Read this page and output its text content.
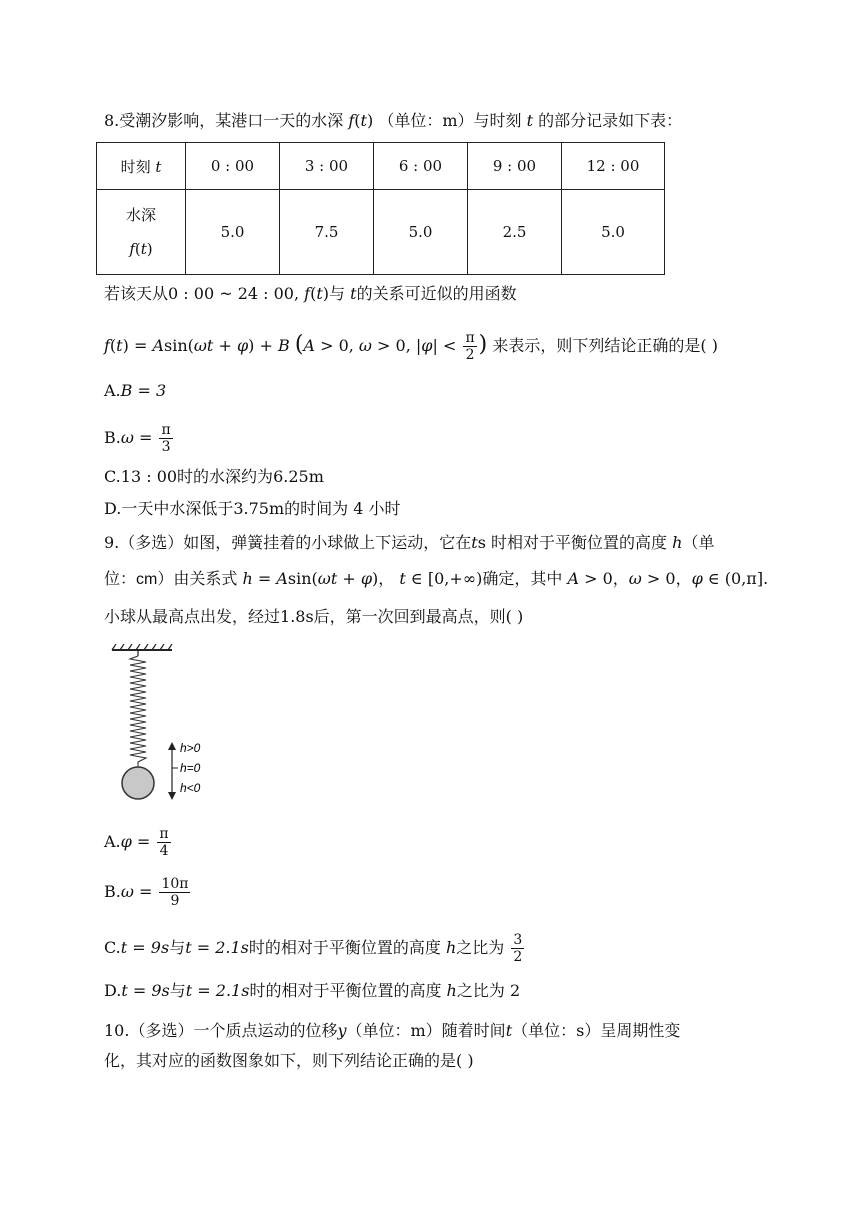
8.受潮汐影响，某港口一天的水深 f(t) （单位：m）与时刻 t 的部分记录如下表：
时刻 t	0 : 00	3 : 00	6 : 00	9 : 00	12 : 00
水深
f(t)	5.0	7.5	5.0	2.5	5.0
若该天从0 : 00 ~ 24 : 00, f(t)与 t的关系可近似的用函数
f(t) = Asin(ωt + φ) + B (A > 0, ω > 0, $|\varphi| < \frac{\pi}{2}$ ) 来表示，则下列结论正确的是( )
A.B = 3
$B.\omega = \frac{\pi}{3}$
C.13 : 00时的水深约为6.25m
D.一天中水深低于3.75m的时间为 4 小时
9.（多选）如图，弹簧挂着的小球做上下运动，它在ts 时相对于平衡位置的高度 h（单
位：cm）由关系式 h = Asin(ωt + φ)， t ∈ [0,+∞)确定，其中 A > 0，ω > 0，φ ∈ (0,π].
小球从最高点出发，经过1.8s后，第一次回到最高点，则( )
h>0
h=0
h<0
$A.\varphi = \frac{\pi}{4}$
$B.\omega = \frac{10\pi}{9}$
C.t = 9s与t = 2.1s时的相对于平衡位置的高度 h之比为 $\frac{3}{2}$
D.t = 9s与t = 2.1s时的相对于平衡位置的高度 h之比为 2
10.（多选）一个质点运动的位移y（单位：m）随着时间t（单位：s）呈周期性变
化，其对应的函数图象如下，则下列结论正确的是( )
